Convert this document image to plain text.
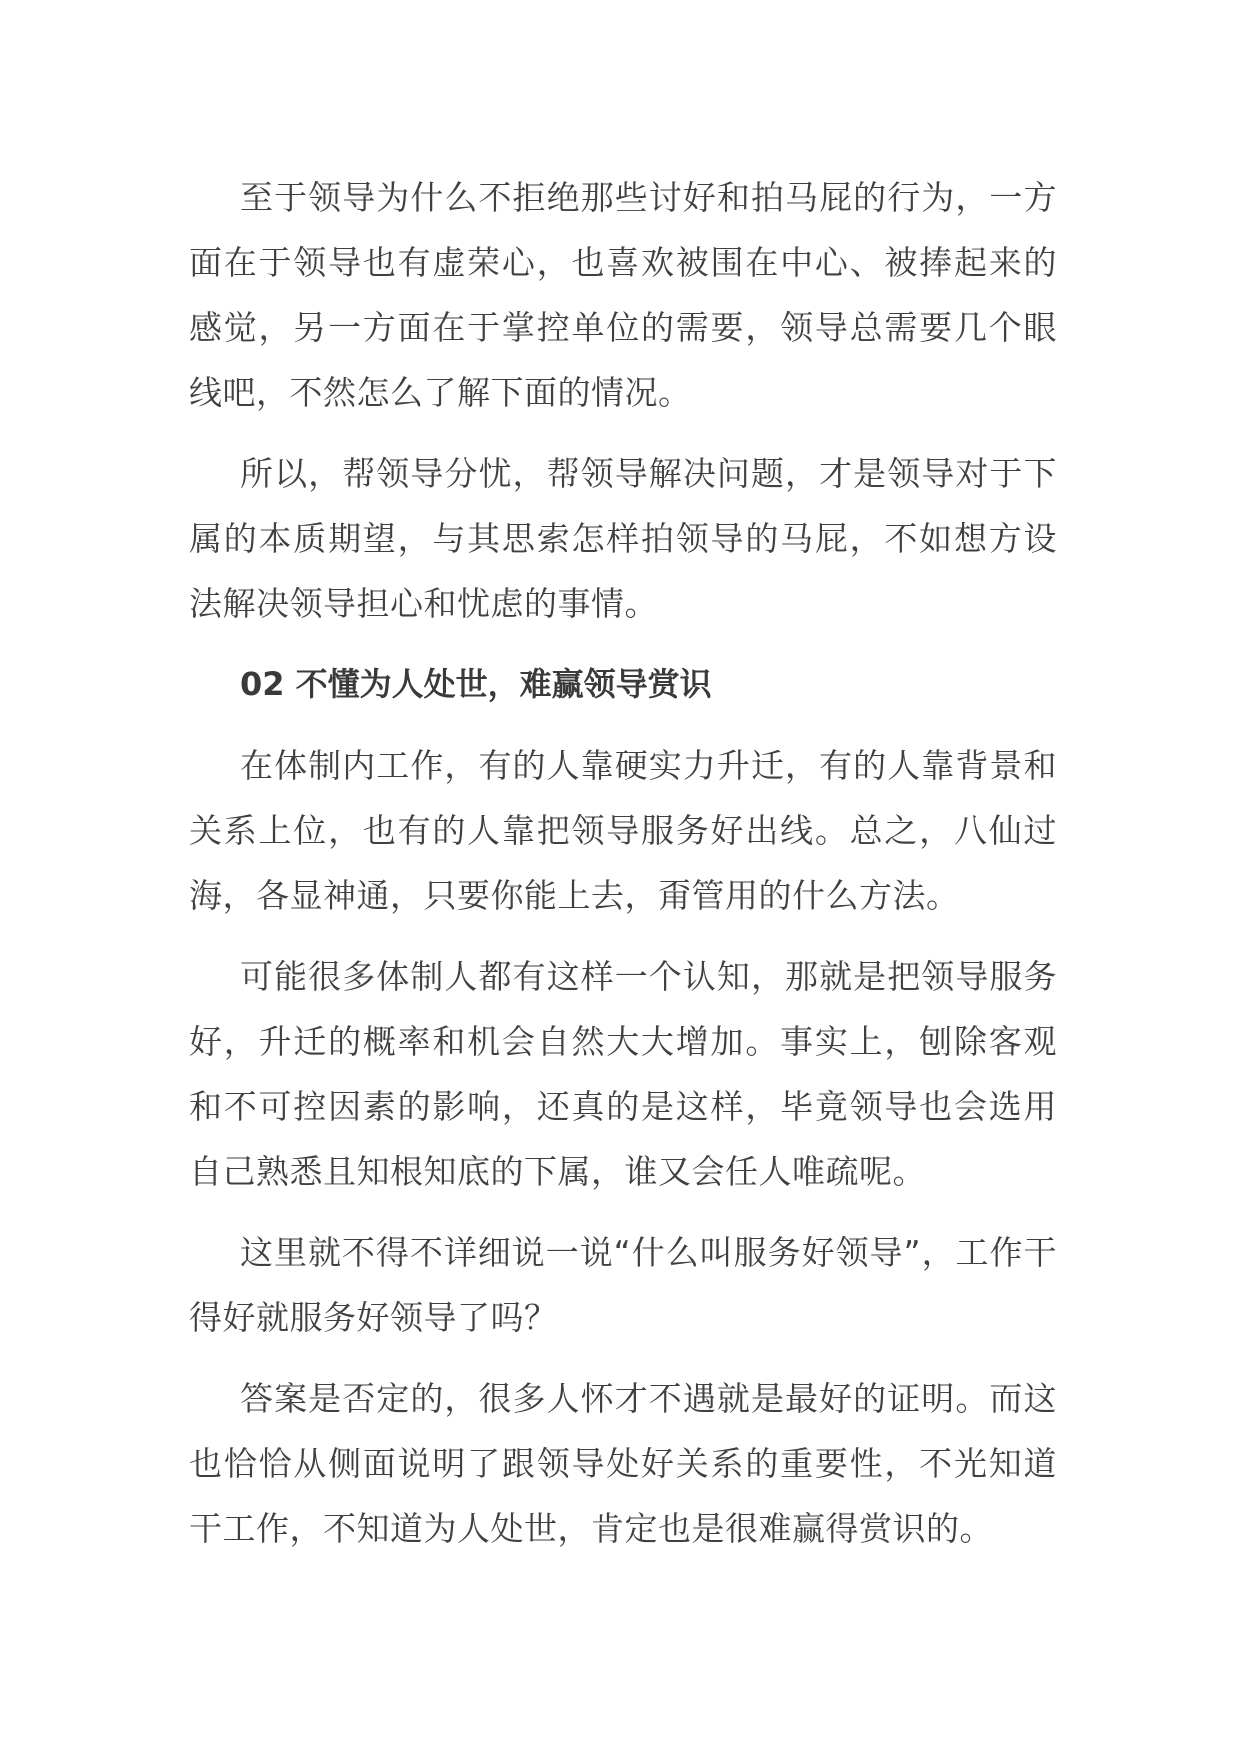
至于领导为什么不拒绝那些讨好和拍马屁的行为，一方面在于领导也有虚荣心，也喜欢被围在中心、被捧起来的感觉，另一方面在于掌控单位的需要，领导总需要几个眼线吧，不然怎么了解下面的情况。

所以，帮领导分忧，帮领导解决问题，才是领导对于下属的本质期望，与其思索怎样拍领导的马屁，不如想方设法解决领导担心和忧虑的事情。

02 不懂为人处世，难赢领导赏识

在体制内工作，有的人靠硬实力升迁，有的人靠背景和关系上位，也有的人靠把领导服务好出线。总之，八仙过海，各显神通，只要你能上去，甭管用的什么方法。

可能很多体制人都有这样一个认知，那就是把领导服务好，升迁的概率和机会自然大大增加。事实上，刨除客观和不可控因素的影响，还真的是这样，毕竟领导也会选用自己熟悉且知根知底的下属，谁又会任人唯疏呢。

这里就不得不详细说一说“什么叫服务好领导”，工作干得好就服务好领导了吗？

答案是否定的，很多人怀才不遇就是最好的证明。而这也恰恰从侧面说明了跟领导处好关系的重要性，不光知道干工作，不知道为人处世，肯定也是很难赢得赏识的。
